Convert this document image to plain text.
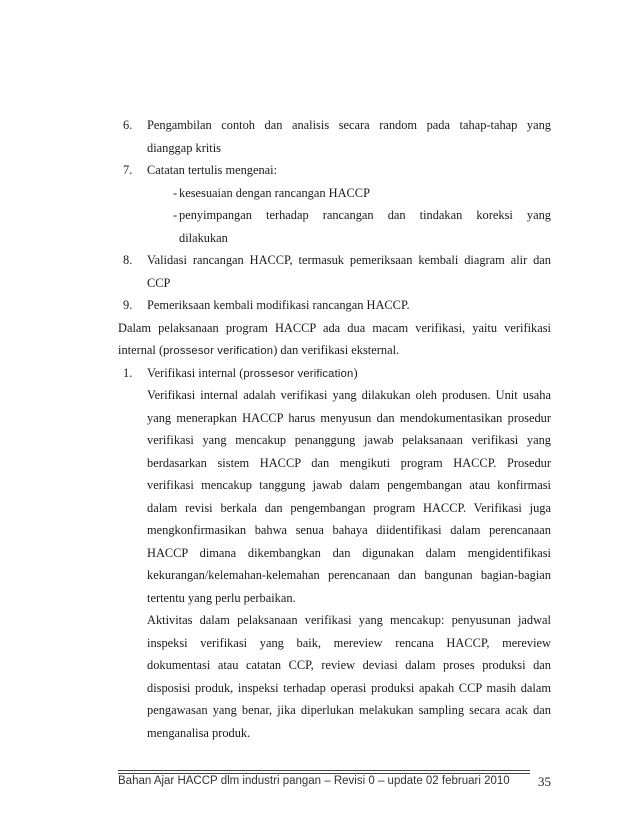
6. Pengambilan contoh dan analisis secara random pada tahap-tahap yang
dianggap kritis
7. Catatan tertulis mengenai:
- kesesuaian dengan rancangan HACCP
- penyimpangan terhadap rancangan dan tindakan koreksi yang
dilakukan
8. Validasi rancangan HACCP, termasuk pemeriksaan kembali diagram alir dan
CCP
9. Pemeriksaan kembali modifikasi rancangan HACCP.
Dalam pelaksanaan program HACCP ada dua macam verifikasi, yaitu verifikasi
internal (prossesor verification) dan verifikasi eksternal.
1. Verifikasi internal (prossesor verification)
Verifikasi internal adalah verifikasi yang dilakukan oleh produsen. Unit usaha
yang menerapkan HACCP harus menyusun dan mendokumentasikan prosedur
verifikasi yang mencakup penanggung jawab pelaksanaan verifikasi yang
berdasarkan sistem HACCP dan mengikuti program HACCP. Prosedur
verifikasi mencakup tanggung jawab dalam pengembangan atau konfirmasi
dalam revisi berkala dan pengembangan program HACCP. Verifikasi juga
mengkonfirmasikan bahwa senua bahaya diidentifikasi dalam perencanaan
HACCP dimana dikembangkan dan digunakan dalam mengidentifikasi
kekurangan/kelemahan-kelemahan perencanaan dan bangunan bagian-bagian
tertentu yang perlu perbaikan.
Aktivitas dalam pelaksanaan verifikasi yang mencakup: penyusunan jadwal
inspeksi verifikasi yang baik, mereview rencana HACCP, mereview
dokumentasi atau catatan CCP, review deviasi dalam proses produksi dan
disposisi produk, inspeksi terhadap operasi produksi apakah CCP masih dalam
pengawasan yang benar, jika diperlukan melakukan sampling secara acak dan
menganalisa produk.
Bahan Ajar HACCP dlm industri pangan – Revisi 0 – update 02 februari 2010	35
